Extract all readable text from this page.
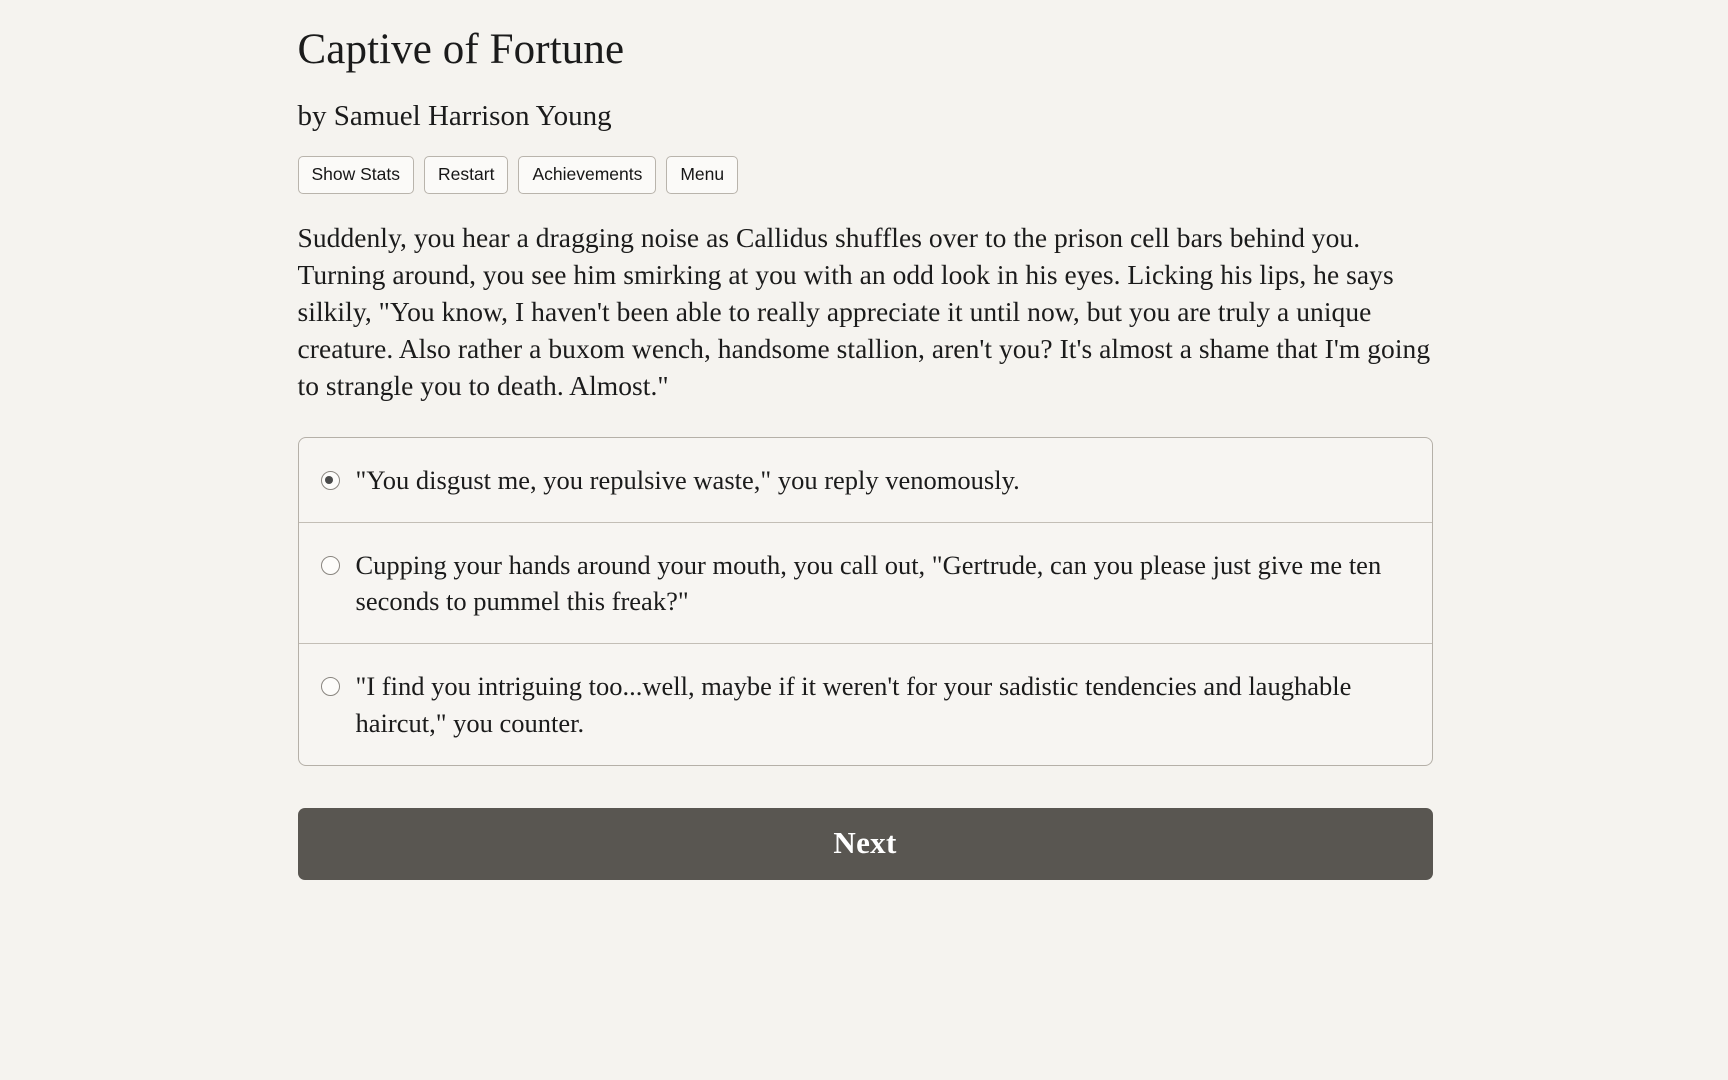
Captive of Fortune
by Samuel Harrison Young
Show Stats	Restart	Achievements	Menu

Suddenly, you hear a dragging noise as Callidus shuffles over to the prison cell bars behind you. Turning around, you see him smirking at you with an odd look in his eyes. Licking his lips, he says silkily, "You know, I haven't been able to really appreciate it until now, but you are truly a unique creature. Also rather a buxom wench, handsome stallion, aren't you? It's almost a shame that I'm going to strangle you to death. Almost."

"You disgust me, you repulsive waste," you reply venomously.
Cupping your hands around your mouth, you call out, "Gertrude, can you please just give me ten seconds to pummel this freak?"
"I find you intriguing too...well, maybe if it weren't for your sadistic tendencies and laughable haircut," you counter.
Next
